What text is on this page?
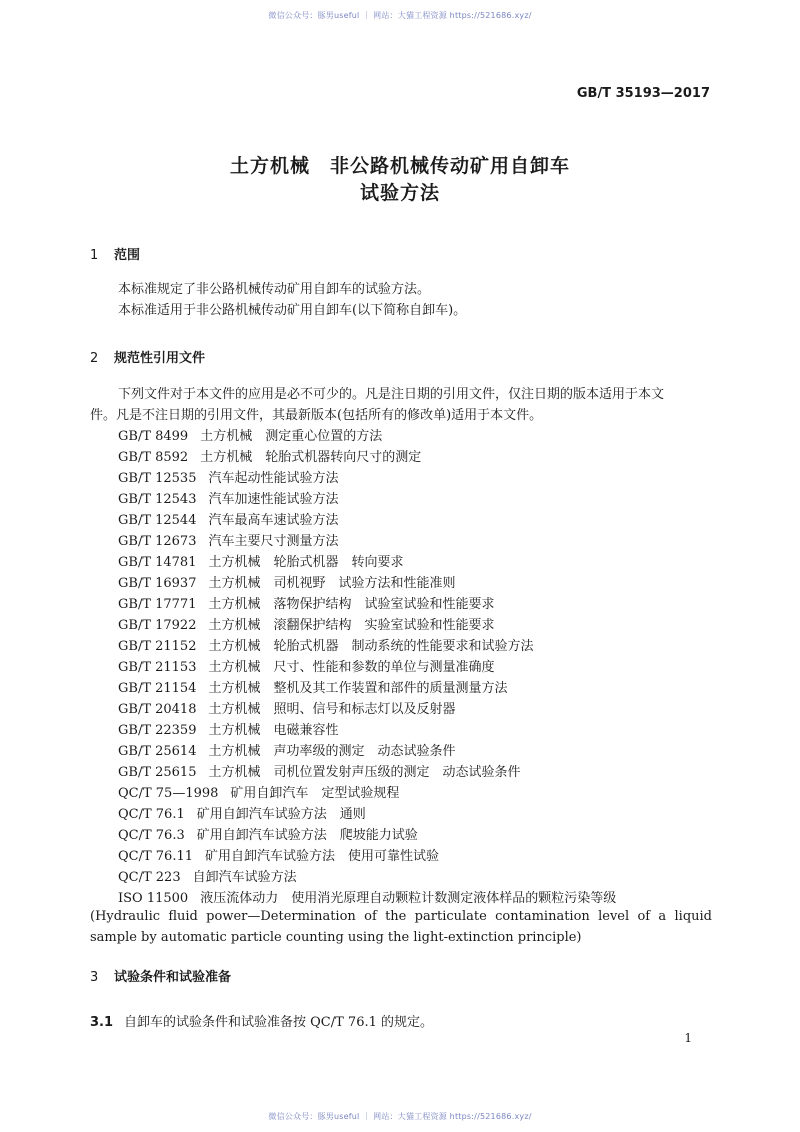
微信公众号：豚男useful ｜ 网站：大猫工程资源 https://521686.xyz/
GB/T 35193—2017
土方机械　非公路机械传动矿用自卸车
试验方法
1 范围
本标准规定了非公路机械传动矿用自卸车的试验方法。
本标准适用于非公路机械传动矿用自卸车(以下简称自卸车)。
2 规范性引用文件
下列文件对于本文件的应用是必不可少的。凡是注日期的引用文件，仅注日期的版本适用于本文
件。凡是不注日期的引用文件，其最新版本(包括所有的修改单)适用于本文件。
GB/T 8499 土方机械　测定重心位置的方法
GB/T 8592 土方机械　轮胎式机器转向尺寸的测定
GB/T 12535 汽车起动性能试验方法
GB/T 12543 汽车加速性能试验方法
GB/T 12544 汽车最高车速试验方法
GB/T 12673 汽车主要尺寸测量方法
GB/T 14781 土方机械　轮胎式机器　转向要求
GB/T 16937 土方机械　司机视野　试验方法和性能准则
GB/T 17771 土方机械　落物保护结构　试验室试验和性能要求
GB/T 17922 土方机械　滚翻保护结构　实验室试验和性能要求
GB/T 21152 土方机械　轮胎式机器　制动系统的性能要求和试验方法
GB/T 21153 土方机械　尺寸、性能和参数的单位与测量准确度
GB/T 21154 土方机械　整机及其工作装置和部件的质量测量方法
GB/T 20418 土方机械　照明、信号和标志灯以及反射器
GB/T 22359 土方机械　电磁兼容性
GB/T 25614 土方机械　声功率级的测定　动态试验条件
GB/T 25615 土方机械　司机位置发射声压级的测定　动态试验条件
QC/T 75—1998 矿用自卸汽车　定型试验规程
QC/T 76.1 矿用自卸汽车试验方法　通则
QC/T 76.3 矿用自卸汽车试验方法　爬坡能力试验
QC/T 76.11 矿用自卸汽车试验方法　使用可靠性试验
QC/T 223 自卸汽车试验方法
ISO 11500 液压流体动力　使用消光原理自动颗粒计数测定液体样品的颗粒污染等级
(Hydraulic fluid power—Determination of the particulate contamination level of a liquid sample by automatic particle counting using the light-extinction principle)
3 试验条件和试验准备
3.1 自卸车的试验条件和试验准备按 QC/T 76.1 的规定。
1
微信公众号：豚男useful ｜ 网站：大猫工程资源 https://521686.xyz/
